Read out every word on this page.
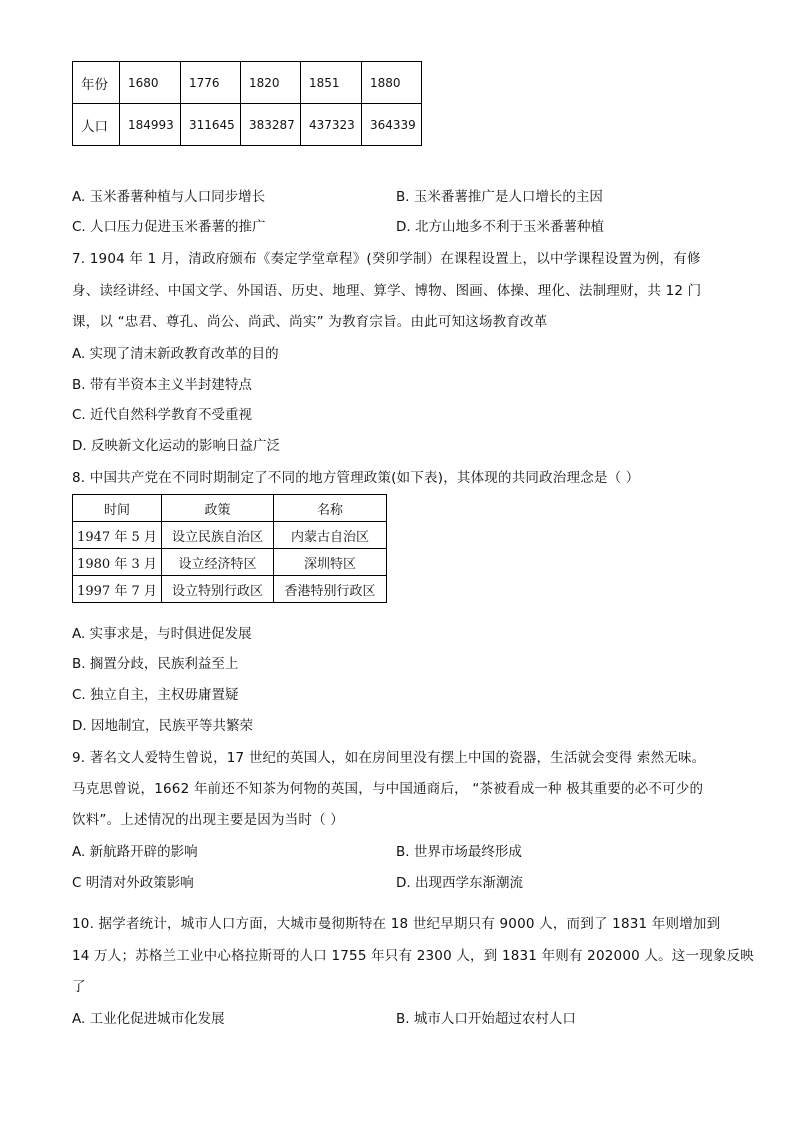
年份	1680	1776	1820	1851	1880
人口	184993	311645	383287	437323	364339
A. 玉米番薯种植与人口同步增长	B. 玉米番薯推广是人口增长的主因
C. 人口压力促进玉米番薯的推广	D. 北方山地多不利于玉米番薯种植
7. 1904 年 1 月，清政府颁布《奏定学堂章程》(癸卯学制）在课程设置上，以中学课程设置为例，有修
身、读经讲经、中国文学、外国语、历史、地理、算学、博物、图画、体操、理化、法制理财，共 12 门
课，以 “忠君、尊孔、尚公、尚武、尚实” 为教育宗旨。由此可知这场教育改革
A. 实现了清末新政教育改革的目的
B. 带有半资本主义半封建特点
C. 近代自然科学教育不受重视
D. 反映新文化运动的影响日益广泛
8. 中国共产党在不同时期制定了不同的地方管理政策(如下表)，其体现的共同政治理念是（ ）
时间	政策	名称
1947 年 5 月	设立民族自治区	内蒙古自治区
1980 年 3 月	设立经济特区	深圳特区
1997 年 7 月	设立特别行政区	香港特别行政区
A. 实事求是，与时俱进促发展
B. 搁置分歧，民族利益至上
C. 独立自主，主权毋庸置疑
D. 因地制宜，民族平等共繁荣
9. 著名文人爱特生曾说，17 世纪的英国人，如在房间里没有摆上中国的瓷器，生活就会变得 索然无味。
马克思曾说，1662 年前还不知茶为何物的英国，与中国通商后， “茶被看成一种 极其重要的必不可少的
饮料”。上述情况的出现主要是因为当时（ ）
A. 新航路开辟的影响	B. 世界市场最终形成
C 明清对外政策影响	D. 出现西学东渐潮流
10. 据学者统计，城市人口方面，大城市曼彻斯特在 18 世纪早期只有 9000 人，而到了 1831 年则增加到
14 万人；苏格兰工业中心格拉斯哥的人口 1755 年只有 2300 人，到 1831 年则有 202000 人。这一现象反映
了
A. 工业化促进城市化发展	B. 城市人口开始超过农村人口
